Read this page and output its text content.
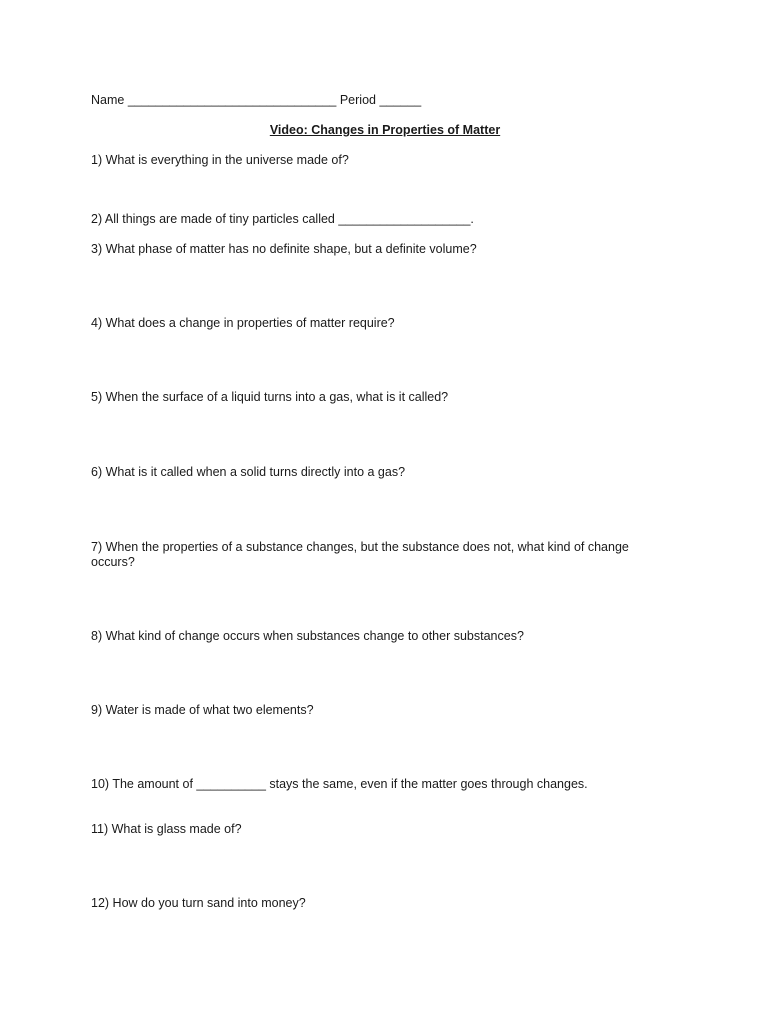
Name ______________________________ Period ______
Video: Changes in Properties of Matter
1) What is everything in the universe made of?
2) All things are made of tiny particles called ___________________.
3) What phase of matter has no definite shape, but a definite volume?
4) What does a change in properties of matter require?
5) When the surface of a liquid turns into a gas, what is it called?
6) What is it called when a solid turns directly into a gas?
7) When the properties of a substance changes, but the substance does not, what kind of change occurs?
8) What kind of change occurs when substances change to other substances?
9) Water is made of what two elements?
10) The amount of __________ stays the same, even if the matter goes through changes.
11) What is glass made of?
12) How do you turn sand into money?
